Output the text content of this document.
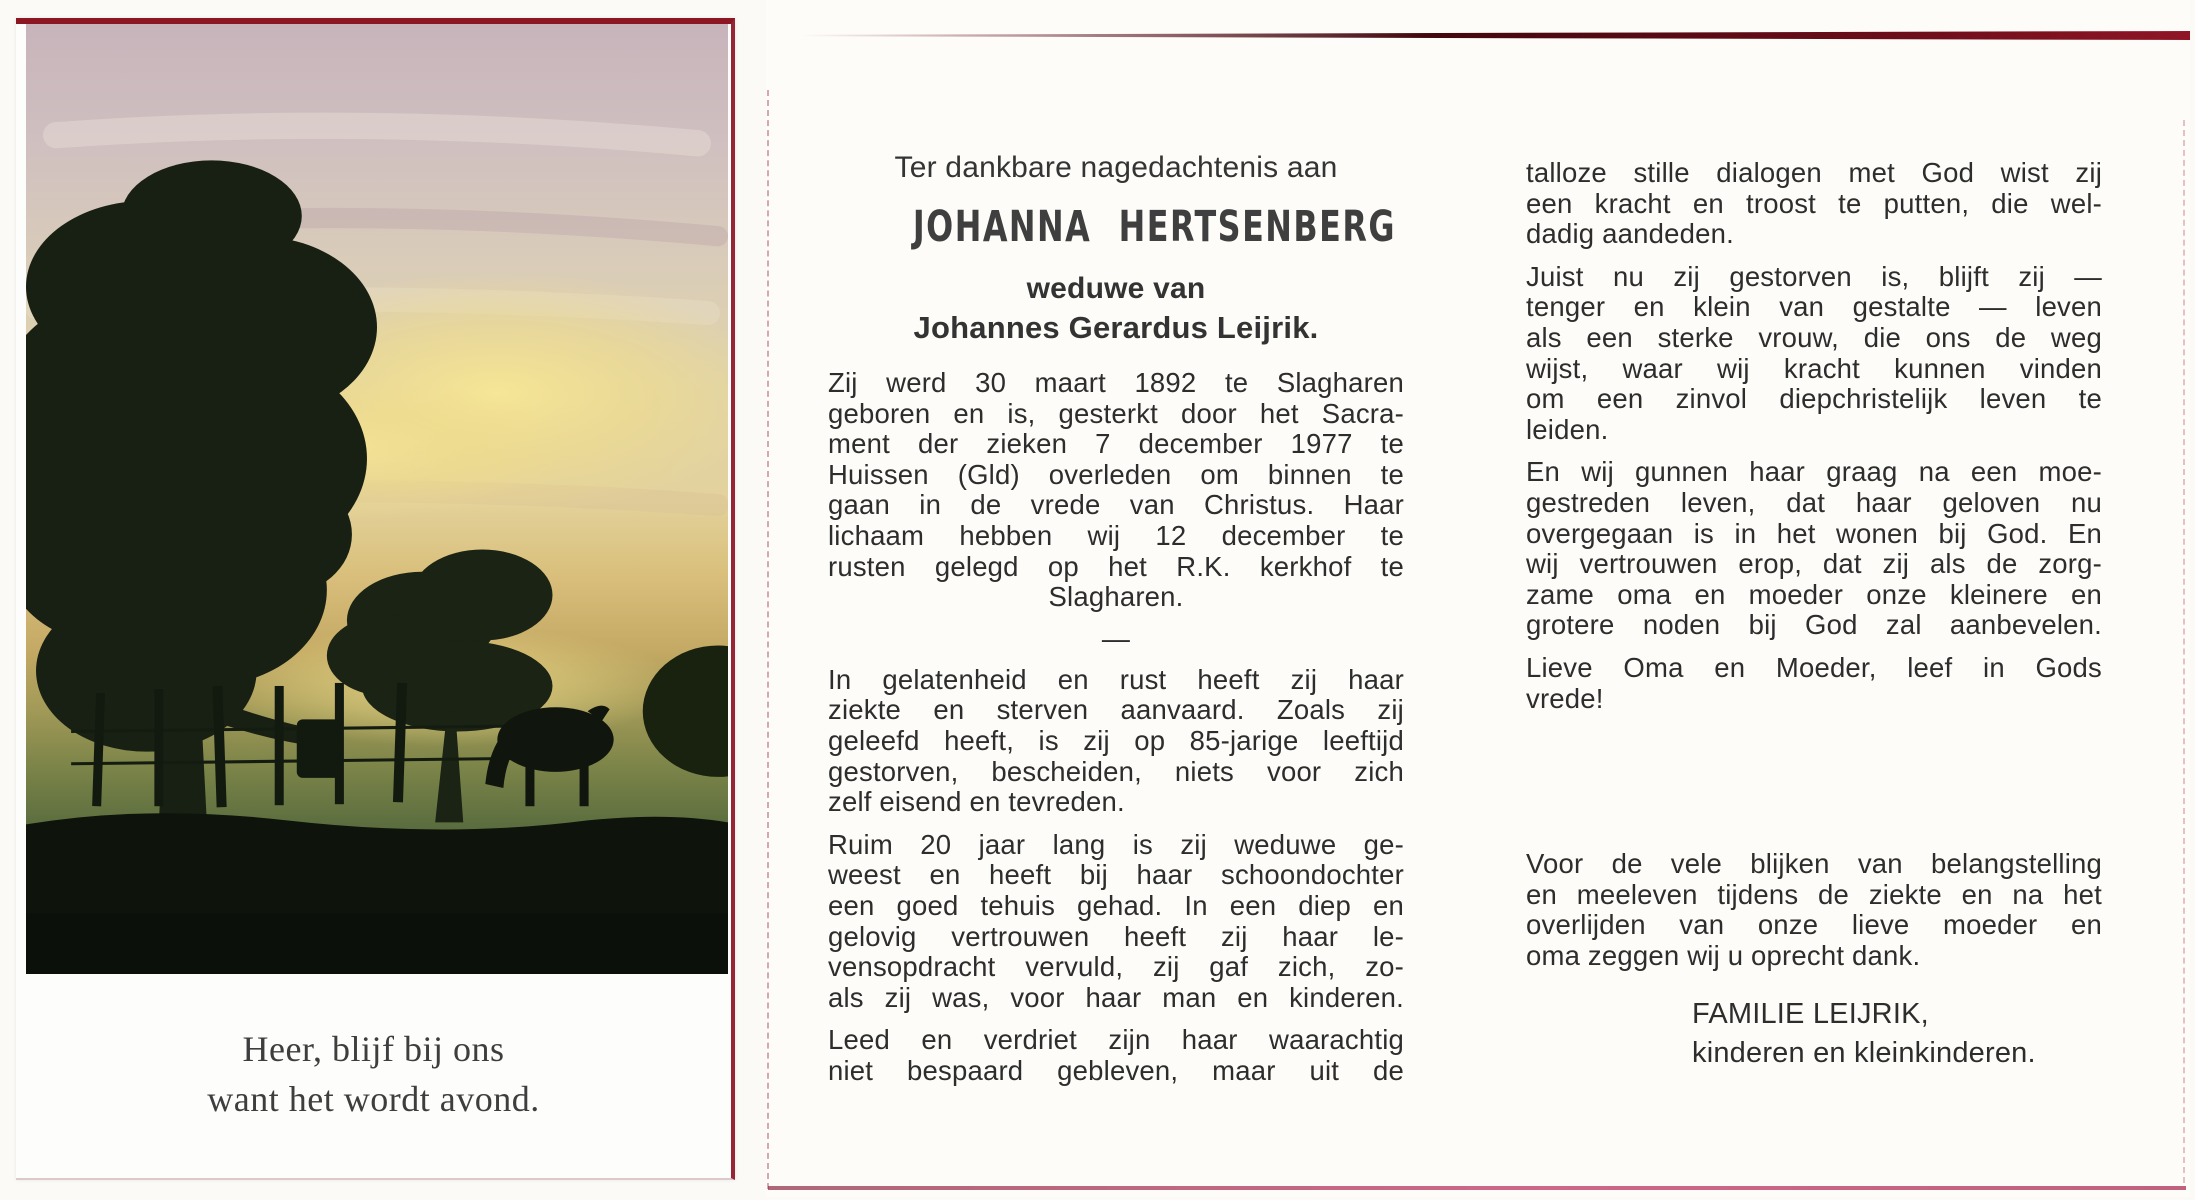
Heer, blijf bij ons
want het wordt avond.
Ter dankbare nagedachtenis aan
JOHANNA HERTSENBERG
weduwe van
Johannes Gerardus Leijrik.
Zij werd 30 maart 1892 te Slagharen
geboren en is, gesterkt door het Sacra-
ment der zieken 7 december 1977 te
Huissen (Gld) overleden om binnen te
gaan in de vrede van Christus. Haar
lichaam hebben wij 12 december te
rusten gelegd op het R.K. kerkhof te
Slagharen.
—
In gelatenheid en rust heeft zij haar
ziekte en sterven aanvaard. Zoals zij
geleefd heeft, is zij op 85-jarige leeftijd
gestorven, bescheiden, niets voor zich
zelf eisend en tevreden.
Ruim 20 jaar lang is zij weduwe ge-
weest en heeft bij haar schoondochter
een goed tehuis gehad. In een diep en
gelovig vertrouwen heeft zij haar le-
vensopdracht vervuld, zij gaf zich, zo-
als zij was, voor haar man en kinderen.
Leed en verdriet zijn haar waarachtig
niet bespaard gebleven, maar uit de
talloze stille dialogen met God wist zij
een kracht en troost te putten, die wel-
dadig aandeden.
Juist nu zij gestorven is, blijft zij —
tenger en klein van gestalte — leven
als een sterke vrouw, die ons de weg
wijst, waar wij kracht kunnen vinden
om een zinvol diepchristelijk leven te
leiden.
En wij gunnen haar graag na een moe-
gestreden leven, dat haar geloven nu
overgegaan is in het wonen bij God. En
wij vertrouwen erop, dat zij als de zorg-
zame oma en moeder onze kleinere en
grotere noden bij God zal aanbevelen.
Lieve Oma en Moeder, leef in Gods
vrede!
Voor de vele blijken van belangstelling
en meeleven tijdens de ziekte en na het
overlijden van onze lieve moeder en
oma zeggen wij u oprecht dank.
FAMILIE LEIJRIK,
kinderen en kleinkinderen.
